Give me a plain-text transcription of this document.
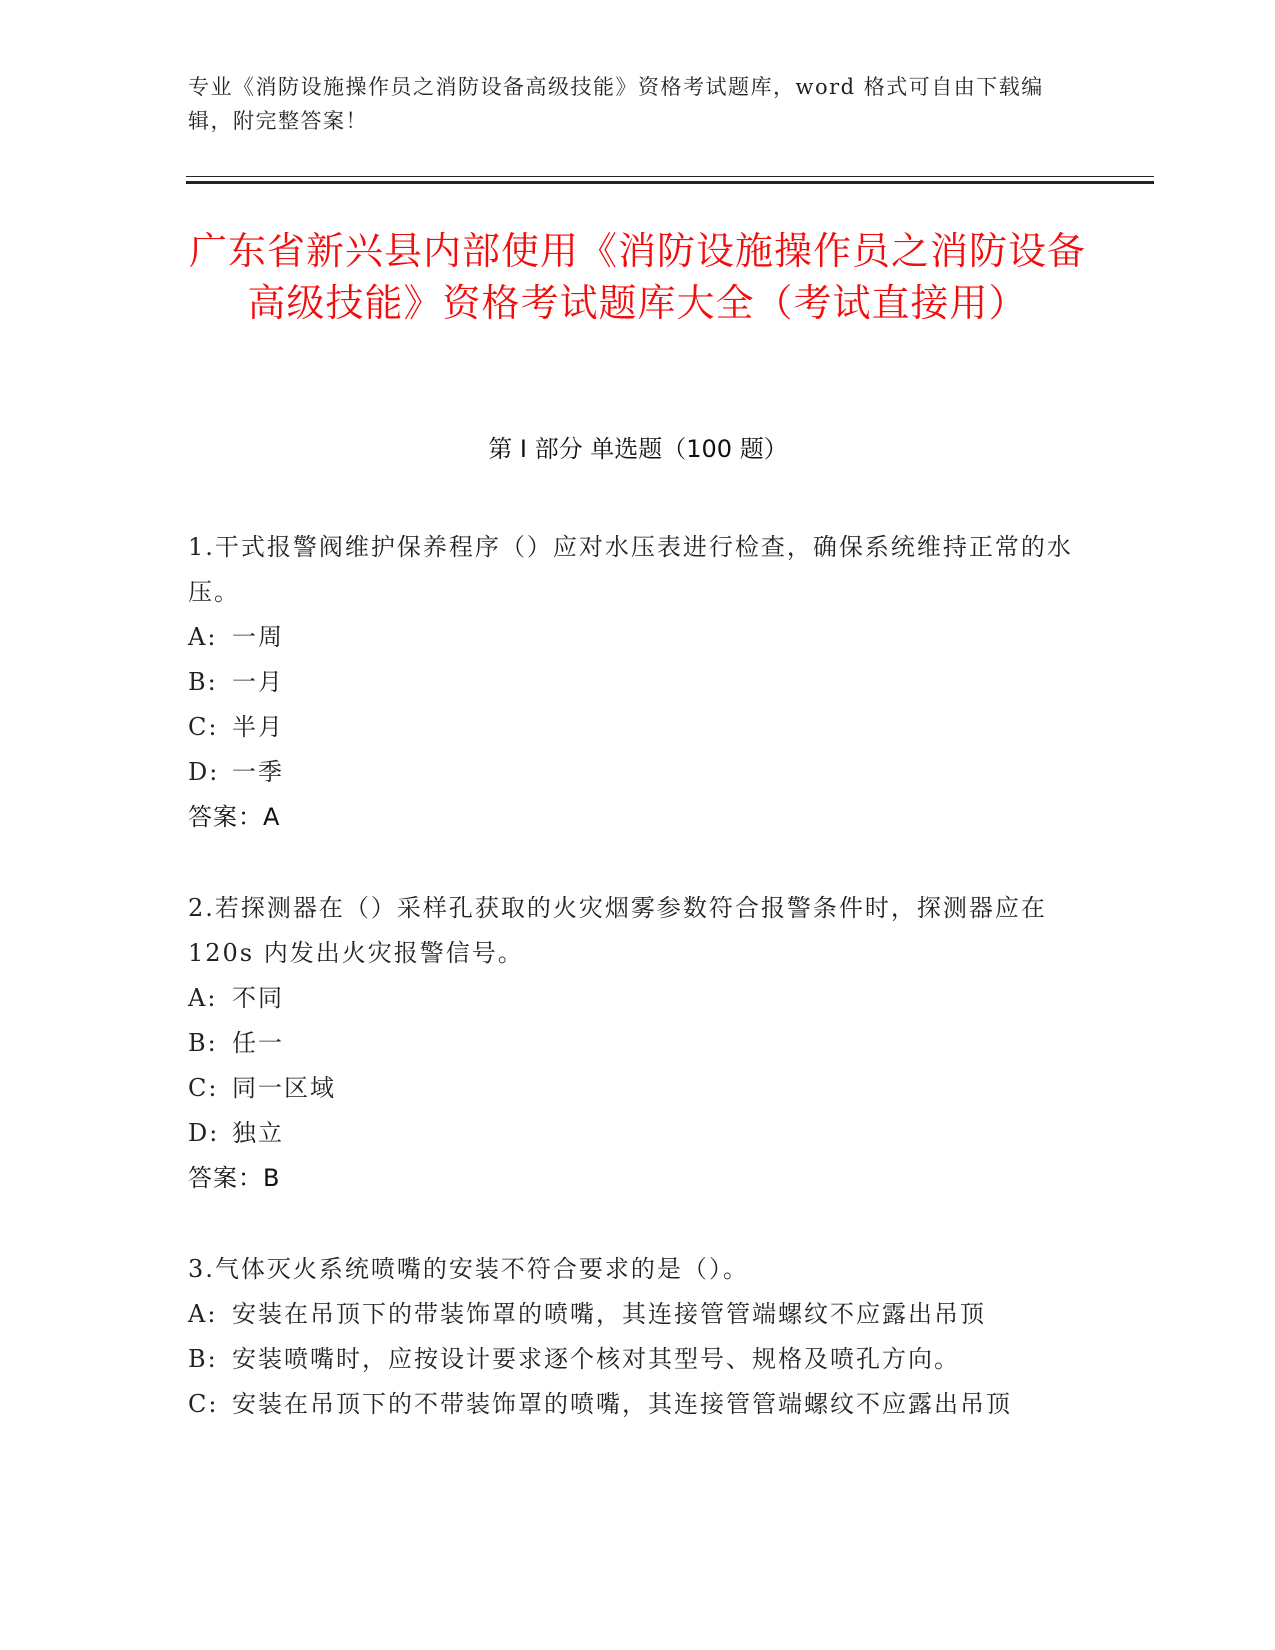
专业《消防设施操作员之消防设备高级技能》资格考试题库，word 格式可自由下载编辑，附完整答案！
广东省新兴县内部使用《消防设施操作员之消防设备高级技能》资格考试题库大全（考试直接用）
第 I 部分 单选题（100 题）

1.干式报警阀维护保养程序（）应对水压表进行检查，确保系统维持正常的水压。

A: 一周

B: 一月

C: 半月

D: 一季

答案：A

2.若探测器在（）采样孔获取的火灾烟雾参数符合报警条件时，探测器应在 120s 内发出火灾报警信号。

A: 不同

B: 任一

C: 同一区域

D: 独立

答案：B

3.气体灭火系统喷嘴的安装不符合要求的是（）。

A: 安装在吊顶下的带装饰罩的喷嘴，其连接管管端螺纹不应露出吊顶

B: 安装喷嘴时，应按设计要求逐个核对其型号、规格及喷孔方向。

C: 安装在吊顶下的不带装饰罩的喷嘴，其连接管管端螺纹不应露出吊顶
